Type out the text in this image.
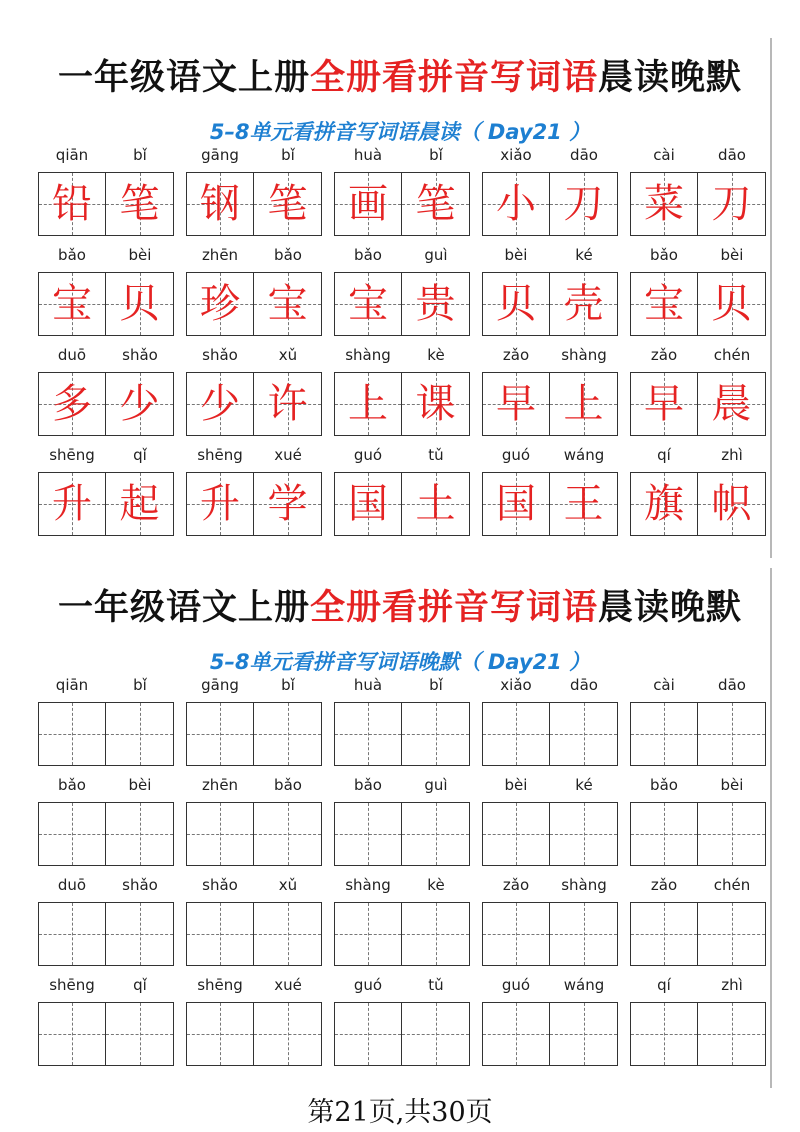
一年级语文上册全册看拼音写词语晨读晚默
5–8单元看拼音写词语晨读（ Day21 ）
qiān	bǐ
铅 笔
gāng	bǐ
钢 笔
huà	bǐ
画 笔
xiǎo	dāo
小 刀
cài	dāo
菜 刀
bǎo	bèi
宝 贝
zhēn	bǎo
珍 宝
bǎo	guì
宝 贵
bèi	ké
贝 壳
bǎo	bèi
宝 贝
duō	shǎo
多 少
shǎo	xǔ
少 许
shàng	kè
上 课
zǎo	shàng
早 上
zǎo	chén
早 晨
shēng	qǐ
升 起
shēng	xué
升 学
guó	tǔ
国 土
guó	wáng
国 王
qí	zhì
旗 帜
一年级语文上册全册看拼音写词语晨读晚默
5–8单元看拼音写词语晚默（ Day21 ）
qiān	bǐ	gāng	bǐ	huà	bǐ	xiǎo	dāo	cài	dāo
bǎo	bèi	zhēn	bǎo	bǎo	guì	bèi	ké	bǎo	bèi
duō	shǎo	shǎo	xǔ	shàng	kè	zǎo	shàng	zǎo	chén
shēng	qǐ	shēng	xué	guó	tǔ	guó	wáng	qí	zhì
第21页,共30页
